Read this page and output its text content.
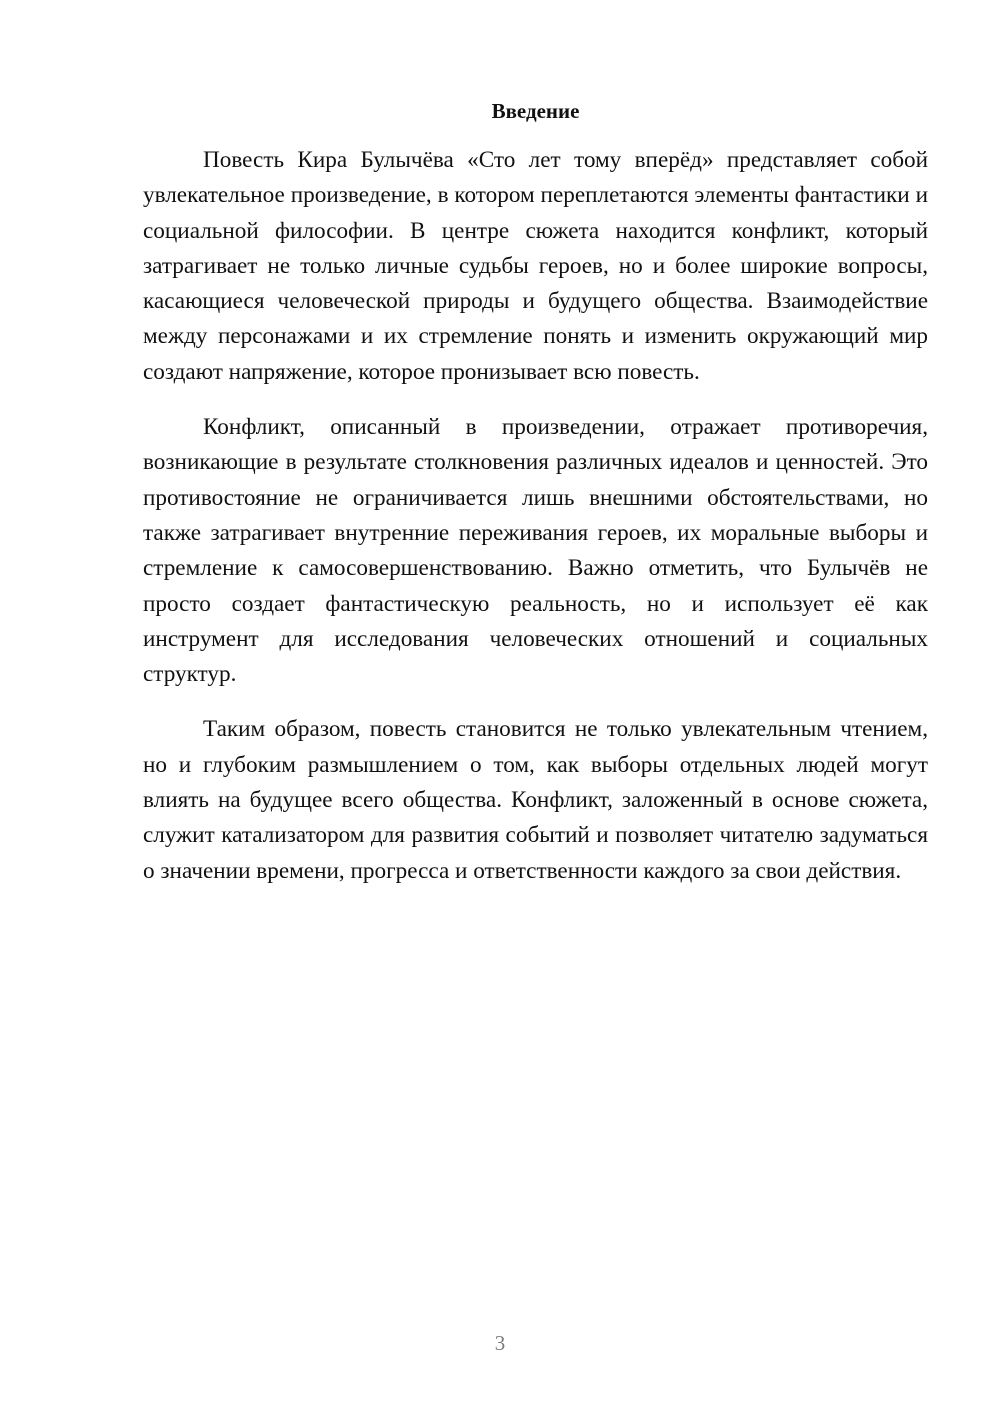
Введение

Повесть Кира Булычёва «Сто лет тому вперёд» представляет собой увлекательное произведение, в котором переплетаются элементы фантастики и социальной философии. В центре сюжета находится конфликт, который затрагивает не только личные судьбы героев, но и более широкие вопросы, касающиеся человеческой природы и будущего общества. Взаимодействие между персонажами и их стремление понять и изменить окружающий мир создают напряжение, которое пронизывает всю повесть.

Конфликт, описанный в произведении, отражает противоречия, возникающие в результате столкновения различных идеалов и ценностей. Это противостояние не ограничивается лишь внешними обстоятельствами, но также затрагивает внутренние переживания героев, их моральные выборы и стремление к самосовершенствованию. Важно отметить, что Булычёв не просто создает фантастическую реальность, но и использует её как инструмент для исследования человеческих отношений и социальных структур.

Таким образом, повесть становится не только увлекательным чтением, но и глубоким размышлением о том, как выборы отдельных людей могут влиять на будущее всего общества. Конфликт, заложенный в основе сюжета, служит катализатором для развития событий и позволяет читателю задуматься о значении времени, прогресса и ответственности каждого за свои действия.

3
